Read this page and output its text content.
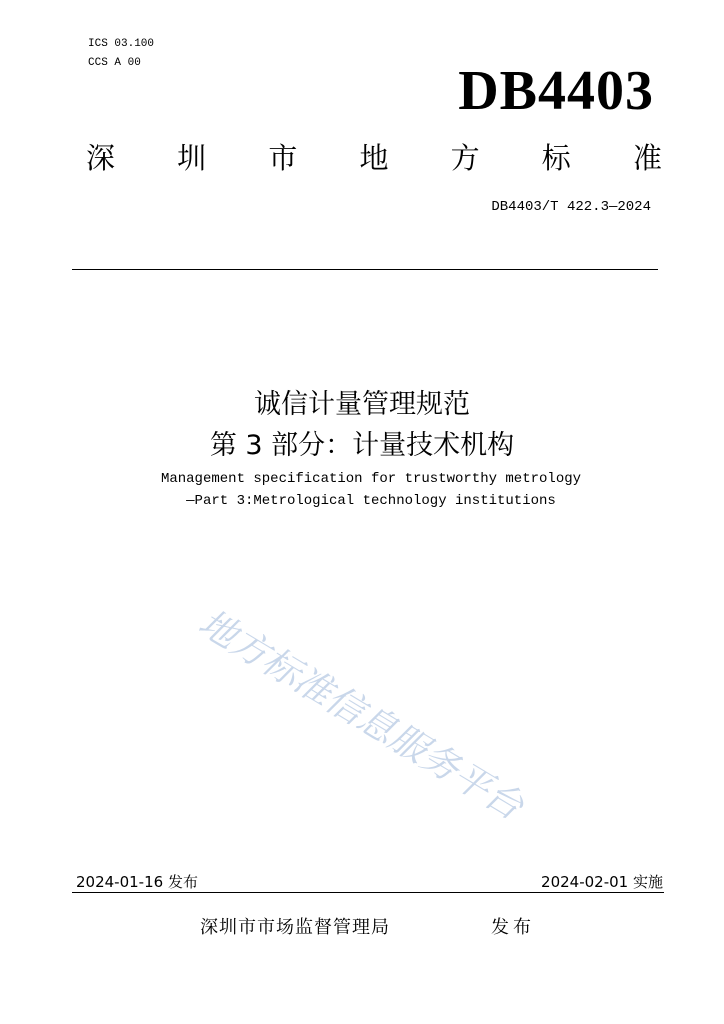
ICS 03.100
CCS A 00	DB4403
深 圳 市 地 方 标 准
DB4403/T 422.3—2024
诚信计量管理规范
第 3 部分：计量技术机构
Management specification for trustworthy metrology
—Part 3:Metrological technology institutions
地方标准信息服务平台
2024-01-16 发布	2024-02-01 实施
深圳市市场监督管理局	发布
